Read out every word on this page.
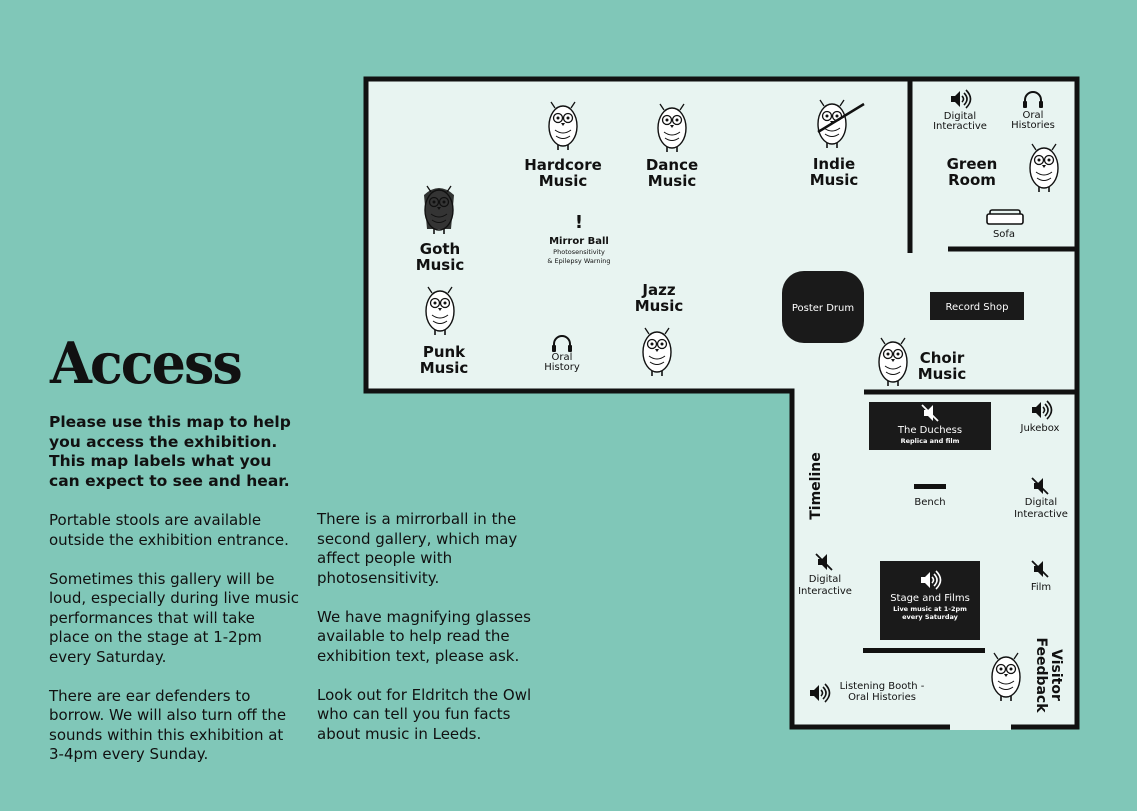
Access

Please use this map to help you access the exhibition. This map labels what you can expect to see and hear.

Portable stools are available outside the exhibition entrance.

Sometimes this gallery will be loud, especially during live music performances that will take place on the stage at 1-2pm every Saturday.

There are ear defenders to borrow. We will also turn off the sounds within this exhibition at 3-4pm every Sunday.

There is a mirrorball in the second gallery, which may affect people with photosensitivity.

We have magnifying glasses available to help read the exhibition text, please ask.

Look out for Eldritch the Owl who can tell you fun facts about music in Leeds.

Hardcore
Music
Dance
Music
Indie
Music
Goth
Music
!
Mirror Ball
Photosensitivity
& Epilepsy Warning
Jazz
Music
Punk
Music
Oral
History
Digital
Interactive
Oral
Histories
Green
Room
Sofa
Poster Drum	Record Shop
Choir
Music
The Duchess
Replica and film
Jukebox
Timeline	Bench	Digital
Interactive
Digital
Interactive	Film
Stage and Films
Live music at 1-2pm
every Saturday
Feedback Visitor
Listening Booth -
Oral Histories
